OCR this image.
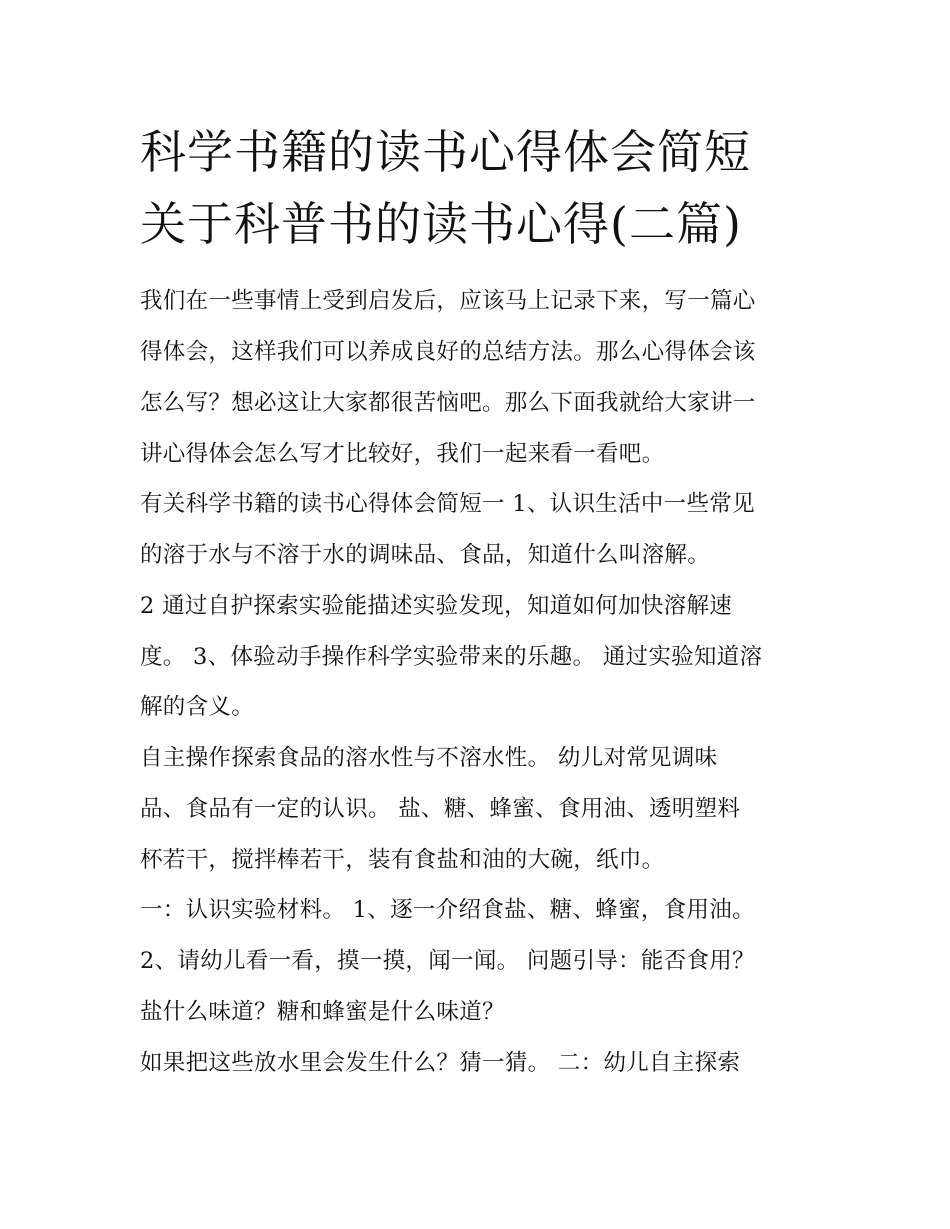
科学书籍的读书心得体会简短
关于科普书的读书心得(二篇)
我们在一些事情上受到启发后，应该马上记录下来，写一篇心
得体会，这样我们可以养成良好的总结方法。那么心得体会该
怎么写？想必这让大家都很苦恼吧。那么下面我就给大家讲一
讲心得体会怎么写才比较好，我们一起来看一看吧。
有关科学书籍的读书心得体会简短一 1、认识生活中一些常见
的溶于水与不溶于水的调味品、食品，知道什么叫溶解。
2 通过自护探索实验能描述实验发现，知道如何加快溶解速
度。 3、体验动手操作科学实验带来的乐趣。 通过实验知道溶
解的含义。
自主操作探索食品的溶水性与不溶水性。 幼儿对常见调味
品、食品有一定的认识。 盐、糖、蜂蜜、食用油、透明塑料
杯若干，搅拌棒若干，装有食盐和油的大碗，纸巾。
一：认识实验材料。 1、逐一介绍食盐、糖、蜂蜜，食用油。
2、请幼儿看一看，摸一摸，闻一闻。 问题引导：能否食用？
盐什么味道？糖和蜂蜜是什么味道？
如果把这些放水里会发生什么？猜一猜。 二：幼儿自主探索
